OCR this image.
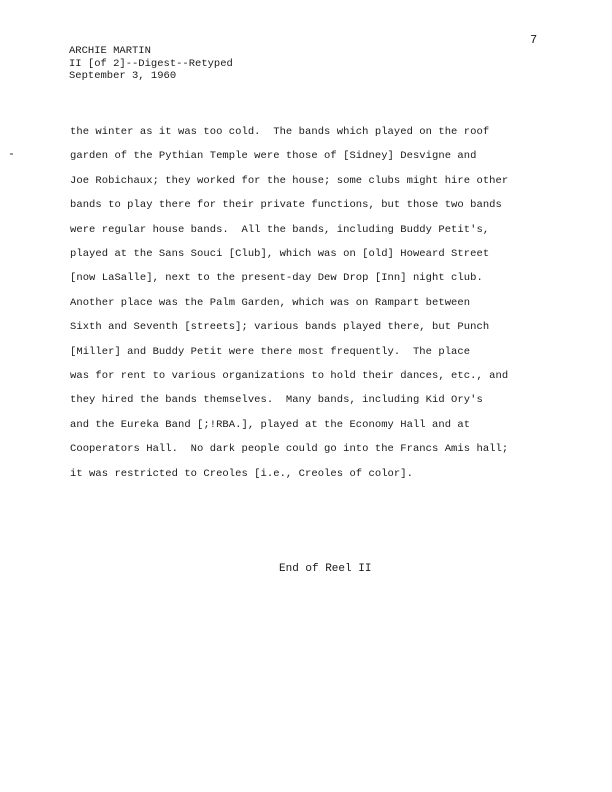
7
ARCHIE MARTIN
II [of 2]--Digest--Retyped
September 3, 1960
the winter as it was too cold.  The bands which played on the roof
garden of the Pythian Temple were those of [Sidney] Desvigne and
Joe Robichaux; they worked for the house; some clubs might hire other
bands to play there for their private functions, but those two bands
were regular house bands.  All the bands, including Buddy Petit's,
played at the Sans Souci [Club], which was on [old] Howeard Street
[now LaSalle], next to the present-day Dew Drop [Inn] night club.
Another place was the Palm Garden, which was on Rampart between
Sixth and Seventh [streets]; various bands played there, but Punch
[Miller] and Buddy Petit were there most frequently.  The place
was for rent to various organizations to hold their dances, etc., and
they hired the bands themselves.  Many bands, including Kid Ory's
and the Eureka Band [;!RBA.], played at the Economy Hall and at
Cooperators Hall.  No dark people could go into the Francs Amis hall;
it was restricted to Creoles [i.e., Creoles of color].
End of Reel II
